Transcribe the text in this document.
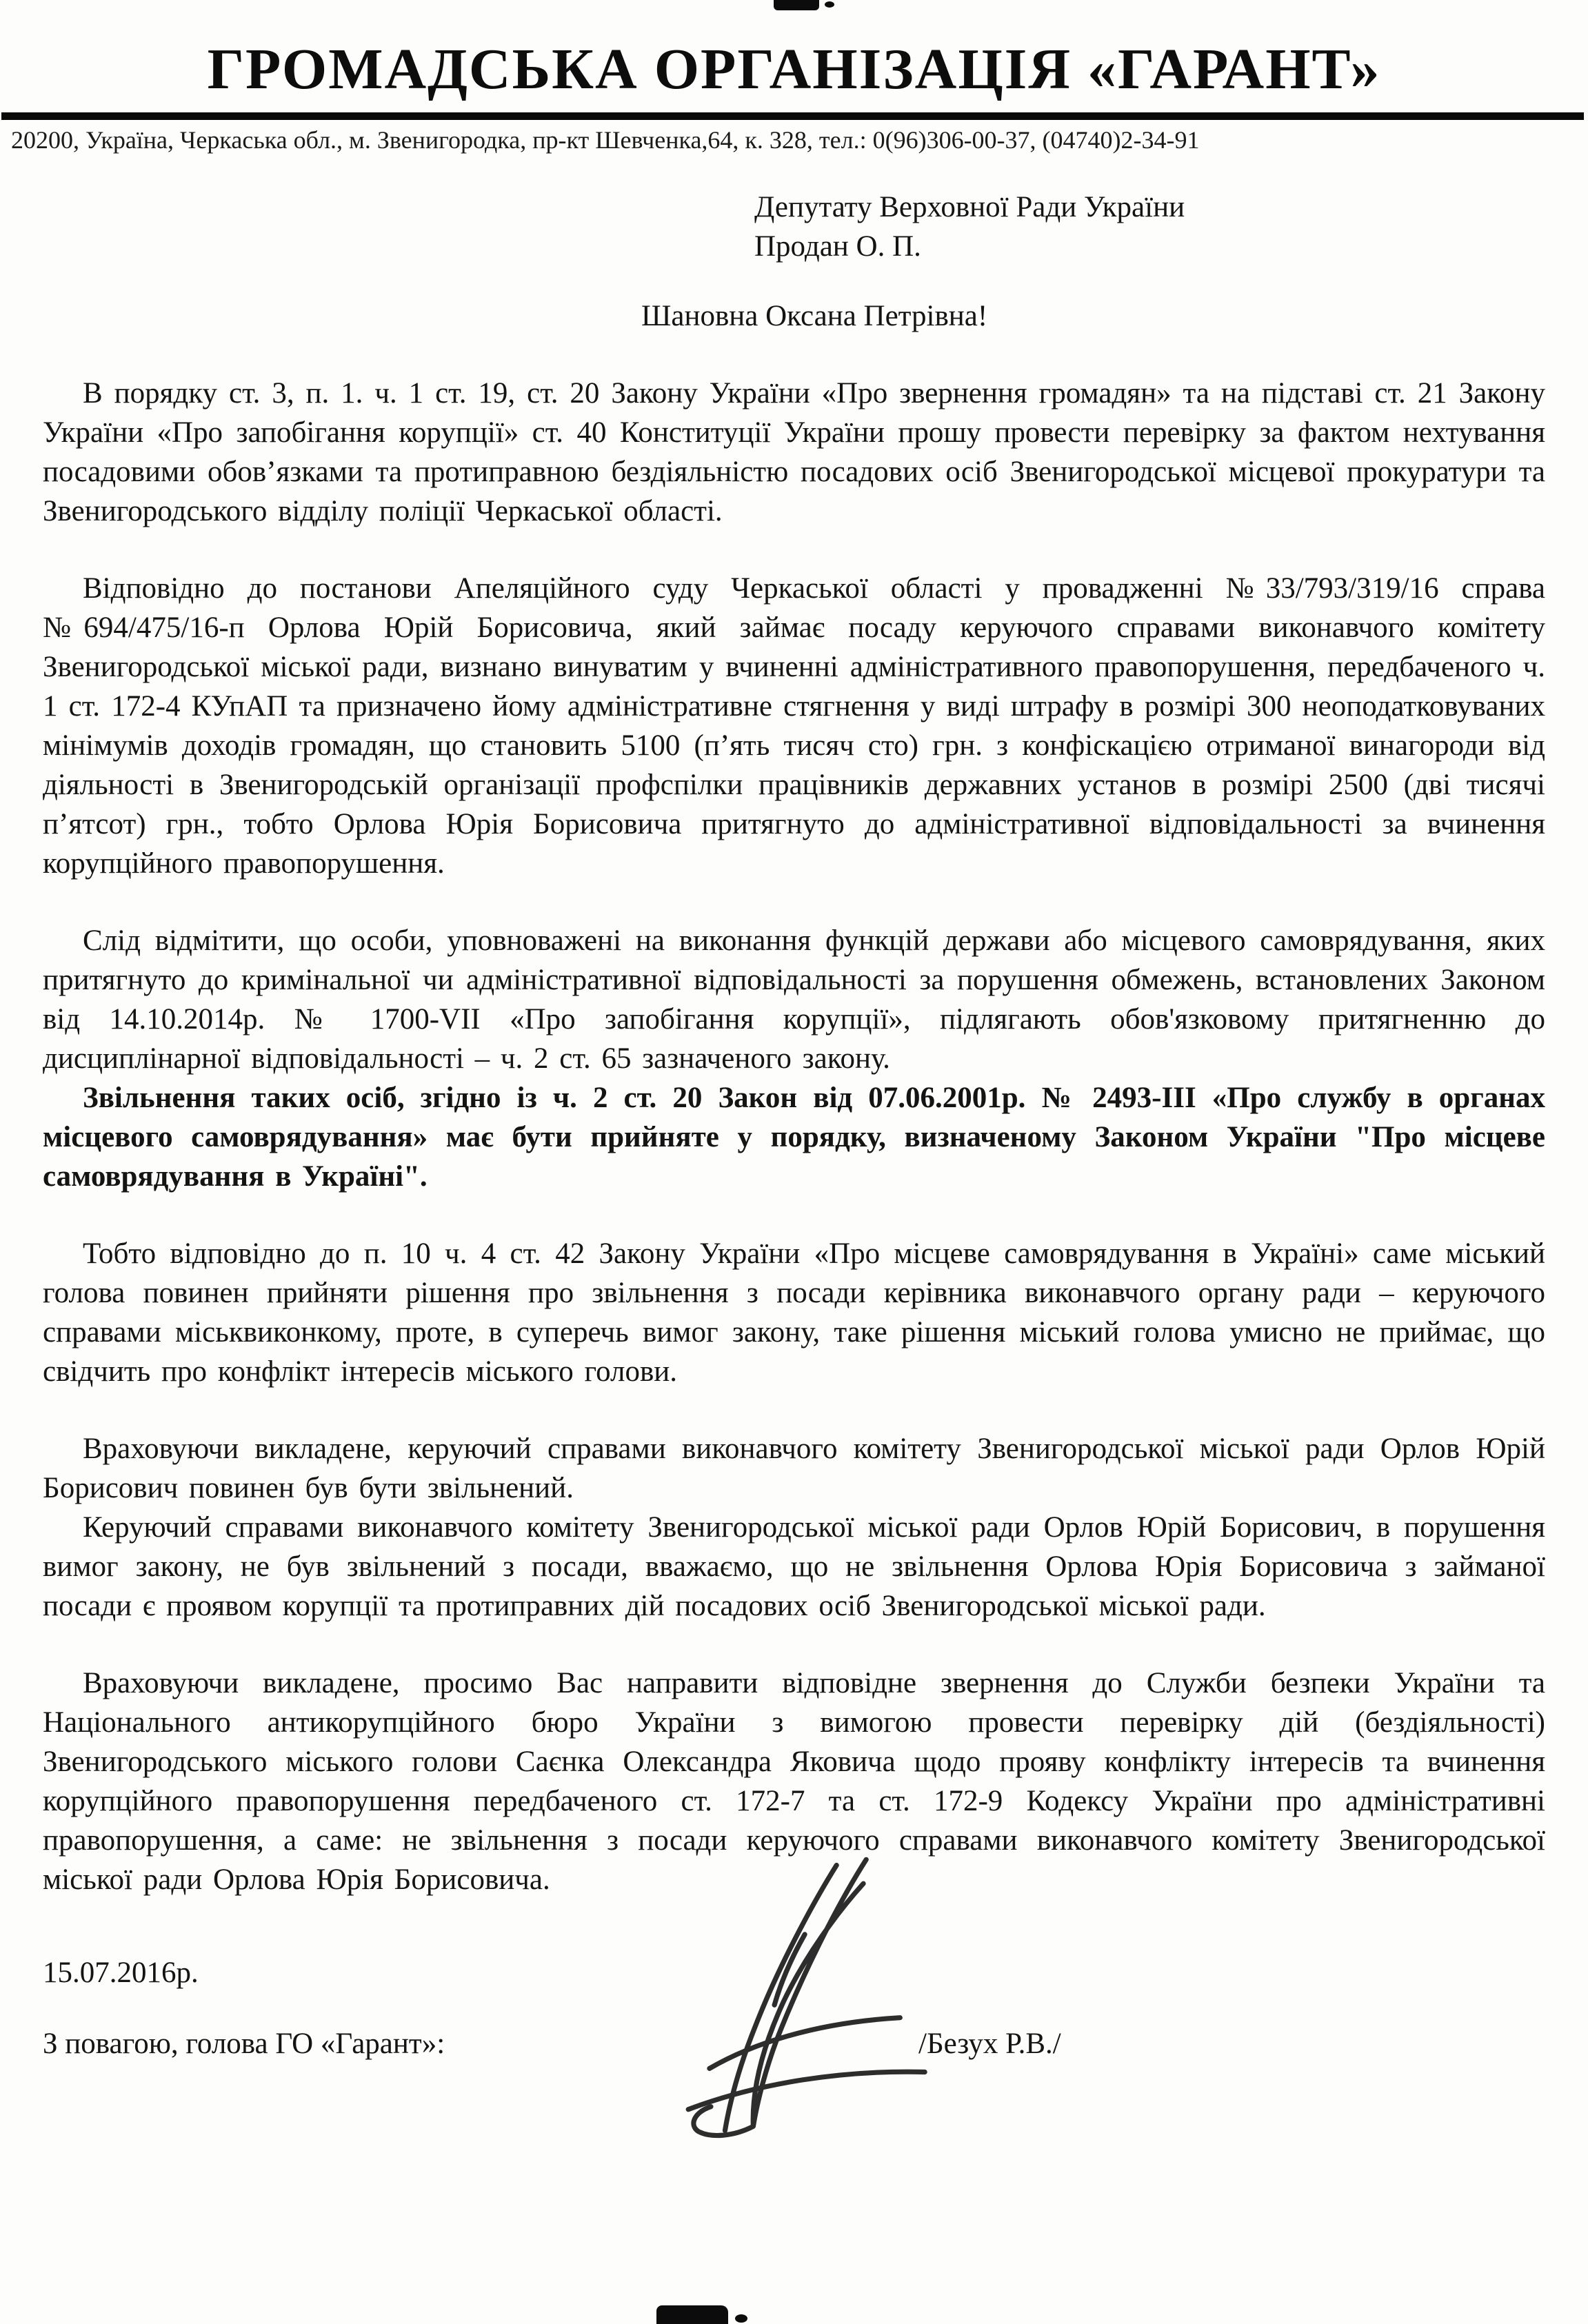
ГРОМАДСЬКА ОРГАНІЗАЦІЯ «ГАРАНТ»
20200, Україна, Черкаська обл., м. Звенигородка, пр-кт Шевченка,64, к. 328, тел.: 0(96)306-00-37, (04740)2-34-91
Депутату Верховної Ради України
Продан О. П.
Шановна Оксана Петрівна!

В порядку ст. 3, п. 1. ч. 1 ст. 19, ст. 20 Закону України «Про звернення громадян» та на підставі ст. 21 Закону України «Про запобігання корупції» ст. 40 Конституції України прошу провести перевірку за фактом нехтування посадовими обов’язками та протиправною бездіяльністю посадових осіб Звенигородської місцевої прокуратури та Звенигородського відділу поліції Черкаської області.

Відповідно до постанови Апеляційного суду Черкаської області у провадженні №33/793/319/16 справа №694/475/16-п Орлова Юрій Борисовича, який займає посаду керуючого справами виконавчого комітету Звенигородської міської ради, визнано винуватим у вчиненні адміністративного правопорушення, передбаченого ч. 1 ст. 172-4 КУпАП та призначено йому адміністративне стягнення у виді штрафу в розмірі 300 неоподатковуваних мінімумів доходів громадян, що становить 5100 (п’ять тисяч сто) грн. з конфіскацією отриманої винагороди від діяльності в Звенигородській організації профспілки працівників державних установ в розмірі 2500 (дві тисячі п’ятсот) грн., тобто Орлова Юрія Борисовича притягнуто до адміністративної відповідальності за вчинення корупційного правопорушення.

Слід відмітити, що особи, уповноважені на виконання функцій держави або місцевого самоврядування, яких притягнуто до кримінальної чи адміністративної відповідальності за порушення обмежень, встановлених Законом від 14.10.2014р. № 1700-VII «Про запобігання корупції», підлягають обов'язковому притягненню до дисциплінарної відповідальності – ч. 2 ст. 65 зазначеного закону.

Звільнення таких осіб, згідно із ч. 2 ст. 20 Закон від 07.06.2001р. № 2493-III «Про службу в органах місцевого самоврядування» має бути прийняте у порядку, визначеному Законом України "Про місцеве самоврядування в Україні".

Тобто відповідно до п. 10 ч. 4 ст. 42 Закону України «Про місцеве самоврядування в Україні» саме міський голова повинен прийняти рішення про звільнення з посади керівника виконавчого органу ради – керуючого справами міськвиконкому, проте, в суперечь вимог закону, таке рішення міський голова умисно не приймає, що свідчить про конфлікт інтересів міського голови.

Враховуючи викладене, керуючий справами виконавчого комітету Звенигородської міської ради Орлов Юрій Борисович повинен був бути звільнений.

Керуючий справами виконавчого комітету Звенигородської міської ради Орлов Юрій Борисович, в порушення вимог закону, не був звільнений з посади, вважаємо, що не звільнення Орлова Юрія Борисовича з займаної посади є проявом корупції та протиправних дій посадових осіб Звенигородської міської ради.

Враховуючи викладене, просимо Вас направити відповідне звернення до Служби безпеки України та Національного антикорупційного бюро України з вимогою провести перевірку дій (бездіяльності) Звенигородського міського голови Саєнка Олександра Яковича щодо прояву конфлікту інтересів та вчинення корупційного правопорушення передбаченого ст. 172-7 та ст. 172-9 Кодексу України про адміністративні правопорушення, а саме: не звільнення з посади керуючого справами виконавчого комітету Звенигородської міської ради Орлова Юрія Борисовича.

15.07.2016р.
З повагою, голова ГО «Гарант»:	/Безух Р.В./
